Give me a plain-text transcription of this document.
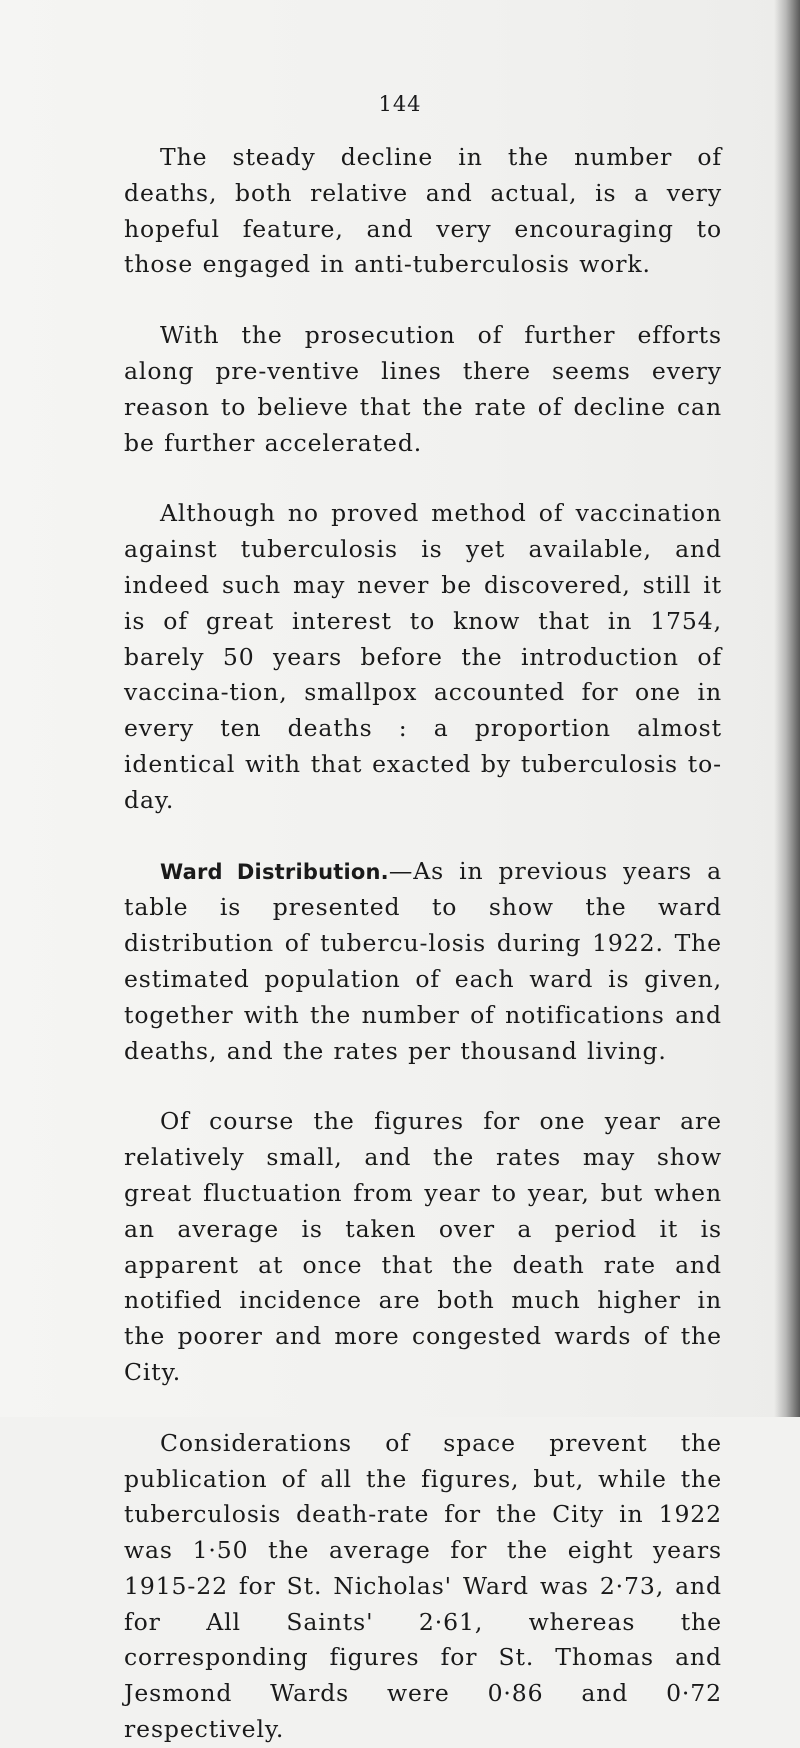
144

The steady decline in the number of deaths, both relative and actual, is a very hopeful feature, and very encouraging to those engaged in anti-tuberculosis work.

With the prosecution of further efforts along pre-ventive lines there seems every reason to believe that the rate of decline can be further accelerated.

Although no proved method of vaccination against tuberculosis is yet available, and indeed such may never be discovered, still it is of great interest to know that in 1754, barely 50 years before the introduction of vaccina-tion, smallpox accounted for one in every ten deaths : a proportion almost identical with that exacted by tuberculosis to-day.

Ward Distribution.—As in previous years a table is presented to show the ward distribution of tubercu-losis during 1922. The estimated population of each ward is given, together with the number of notifications and deaths, and the rates per thousand living.

Of course the figures for one year are relatively small, and the rates may show great fluctuation from year to year, but when an average is taken over a period it is apparent at once that the death rate and notified incidence are both much higher in the poorer and more congested wards of the City.

Considerations of space prevent the publication of all the figures, but, while the tuberculosis death-rate for the City in 1922 was 1·50 the average for the eight years 1915-22 for St. Nicholas' Ward was 2·73, and for All Saints' 2·61, whereas the corresponding figures for St. Thomas and Jesmond Wards were 0·86 and 0·72 respectively.
